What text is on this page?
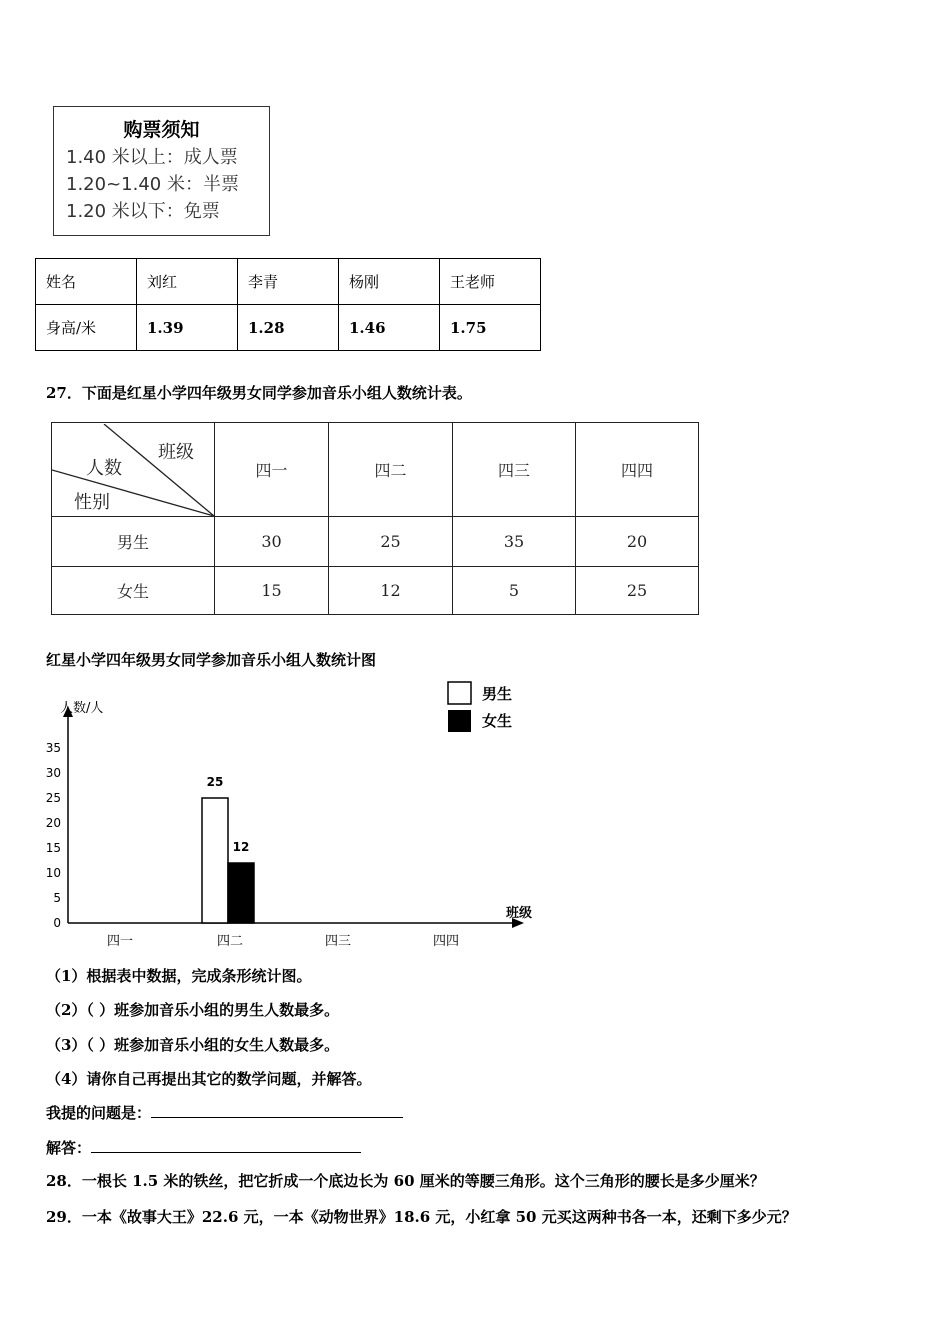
购票须知
1.40 米以上：成人票
1.20~1.40 米：半票
1.20 米以下：免票
姓名	刘红	李青	杨刚	王老师
身高/米	1.39	1.28	1.46	1.75
27．下面是红星小学四年级男女同学参加音乐小组人数统计表。
班级
人数
性别	四一	四二	四三	四四
男生	30	25	35	20
女生	15	12	5	25
红星小学四年级男女同学参加音乐小组人数统计图
人数/人
班级
0
5
10
15
20
25
30
35
四一	四二	四三	四四
25
12
男生
女生
（1）根据表中数据，完成条形统计图。
（2）（ ）班参加音乐小组的男生人数最多。
（3）（ ）班参加音乐小组的女生人数最多。
（4）请你自己再提出其它的数学问题，并解答。
我提的问题是：
解答：
28．一根长 1.5 米的铁丝，把它折成一个底边长为 60 厘米的等腰三角形。这个三角形的腰长是多少厘米？
29．一本《故事大王》22.6 元，一本《动物世界》18.6 元，小红拿 50 元买这两种书各一本，还剩下多少元？
